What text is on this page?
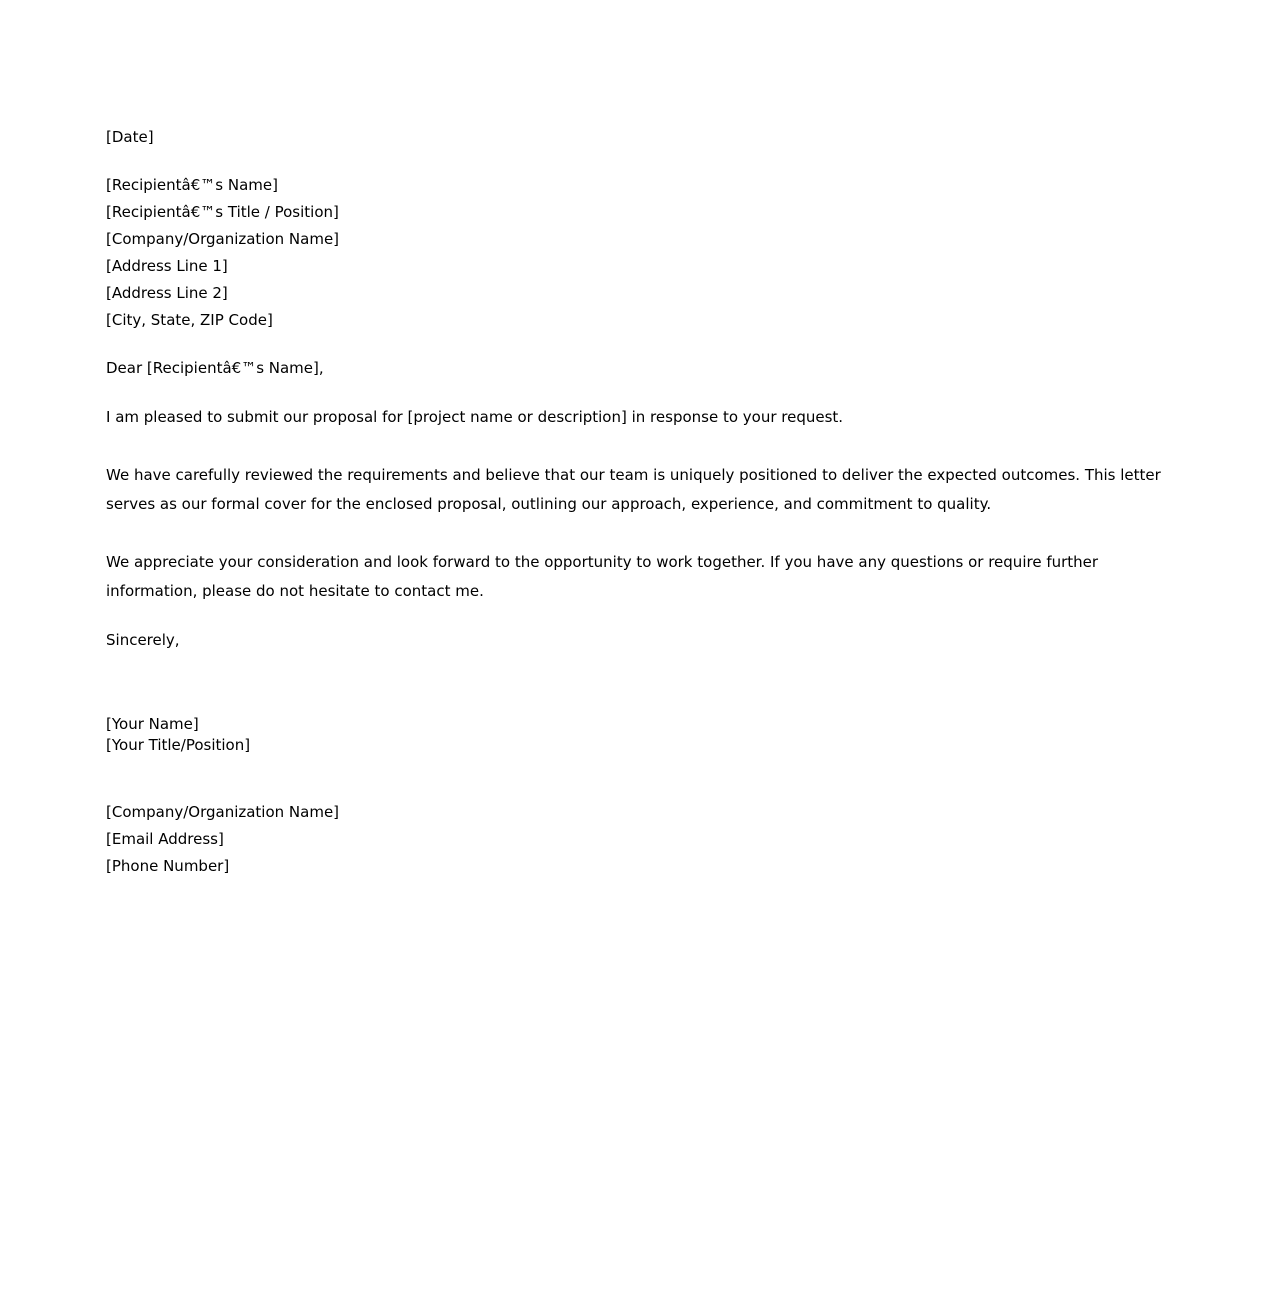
[Date]
[Recipientâ€™s Name]
[Recipientâ€™s Title / Position]
[Company/Organization Name]
[Address Line 1]
[Address Line 2]
[City, State, ZIP Code]
Dear [Recipientâ€™s Name],

I am pleased to submit our proposal for [project name or description] in response to your request.

We have carefully reviewed the requirements and believe that our team is uniquely positioned to deliver the expected outcomes. This letter serves as our formal cover for the enclosed proposal, outlining our approach, experience, and commitment to quality.

We appreciate your consideration and look forward to the opportunity to work together. If you have any questions or require further information, please do not hesitate to contact me.

Sincerely,
[Your Name]
[Your Title/Position]
[Company/Organization Name]
[Email Address]
[Phone Number]
